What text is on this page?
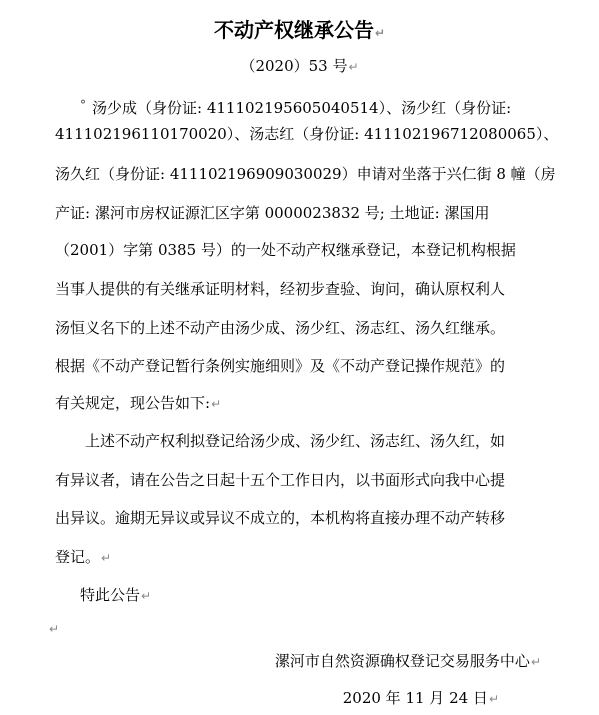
不动产权继承公告↵
（2020）53 号↵
° 汤少成（身份证: 411102195605040514）、汤少红（身份证:
411102196110170020）、汤志红（身份证: 411102196712080065）、
汤久红（身份证: 411102196909030029）申请对坐落于兴仁街 8 幢（房
产证: 漯河市房权证源汇区字第 0000023832 号; 土地证: 漯国用
（2001）字第 0385 号）的一处不动产权继承登记，本登记机构根据
当事人提供的有关继承证明材料，经初步查验、询问，确认原权利人
汤恒义名下的上述不动产由汤少成、汤少红、汤志红、汤久红继承。
根据《不动产登记暂行条例实施细则》及《不动产登记操作规范》的
有关规定，现公告如下:↵
上述不动产权利拟登记给汤少成、汤少红、汤志红、汤久红，如
有异议者，请在公告之日起十五个工作日内，以书面形式向我中心提
出异议。逾期无异议或异议不成立的，本机构将直接办理不动产转移
登记。↵
特此公告↵
↵
漯河市自然资源确权登记交易服务中心↵
2020 年 11 月 24 日↵
